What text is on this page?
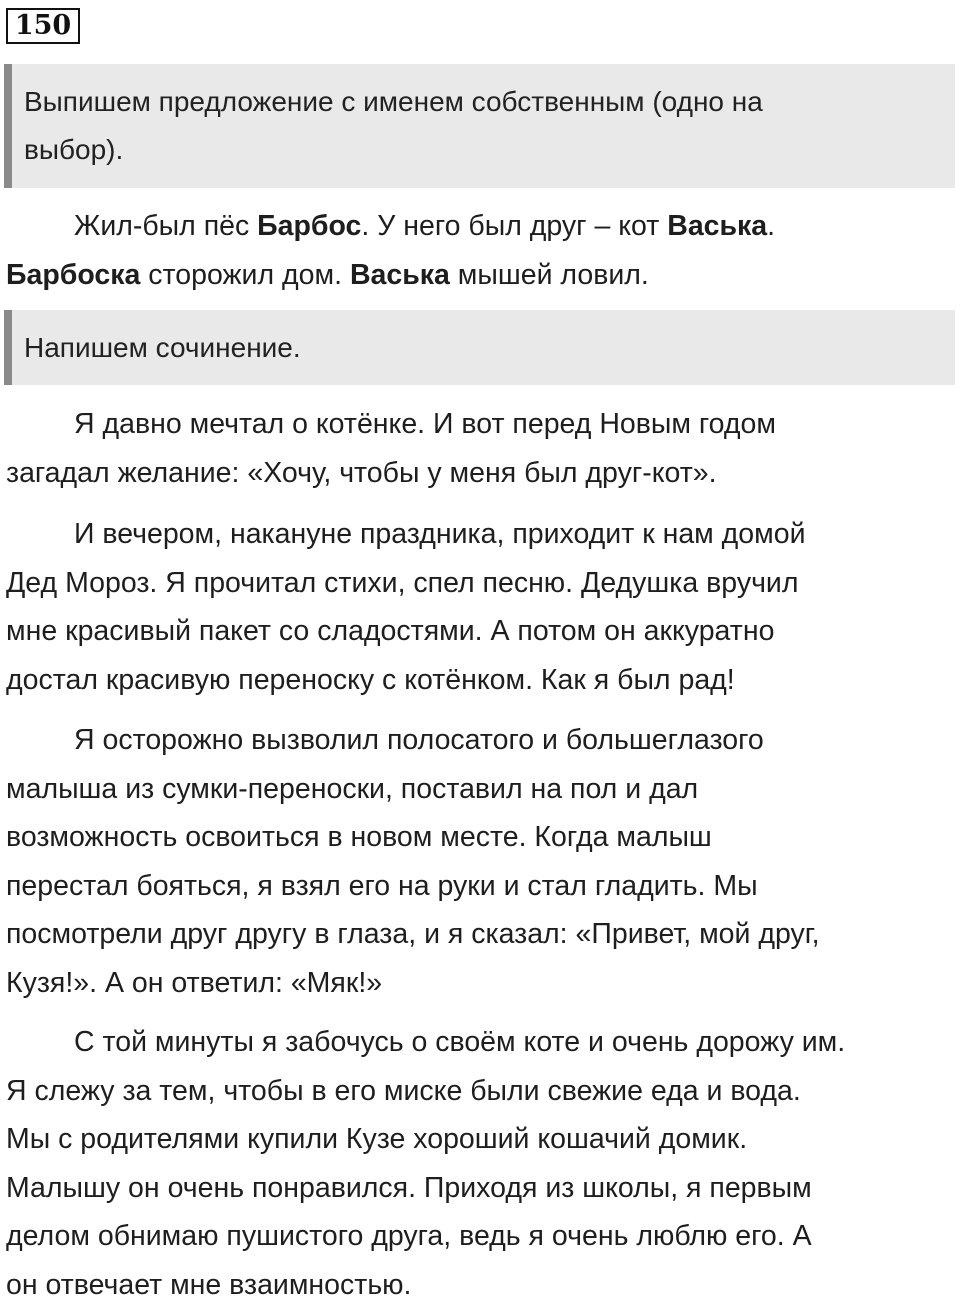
150
Выпишем предложение с именем собственным (одно на
выбор).
Жил-был пёс Барбос. У него был друг – кот Васька.
Барбоска сторожил дом. Васька мышей ловил.
Напишем сочинение.
Я давно мечтал о котёнке. И вот перед Новым годом
загадал желание: «Хочу, чтобы у меня был друг-кот».
И вечером, накануне праздника, приходит к нам домой
Дед Мороз. Я прочитал стихи, спел песню. Дедушка вручил
мне красивый пакет со сладостями. А потом он аккуратно
достал красивую переноску с котёнком. Как я был рад!
Я осторожно вызволил полосатого и большеглазого
малыша из сумки-переноски, поставил на пол и дал
возможность освоиться в новом месте. Когда малыш
перестал бояться, я взял его на руки и стал гладить. Мы
посмотрели друг другу в глаза, и я сказал: «Привет, мой друг,
Кузя!». А он ответил: «Мяк!»
С той минуты я забочусь о своём коте и очень дорожу им.
Я слежу за тем, чтобы в его миске были свежие еда и вода.
Мы с родителями купили Кузе хороший кошачий домик.
Малышу он очень понравился. Приходя из школы, я первым
делом обнимаю пушистого друга, ведь я очень люблю его. А
он отвечает мне взаимностью.
